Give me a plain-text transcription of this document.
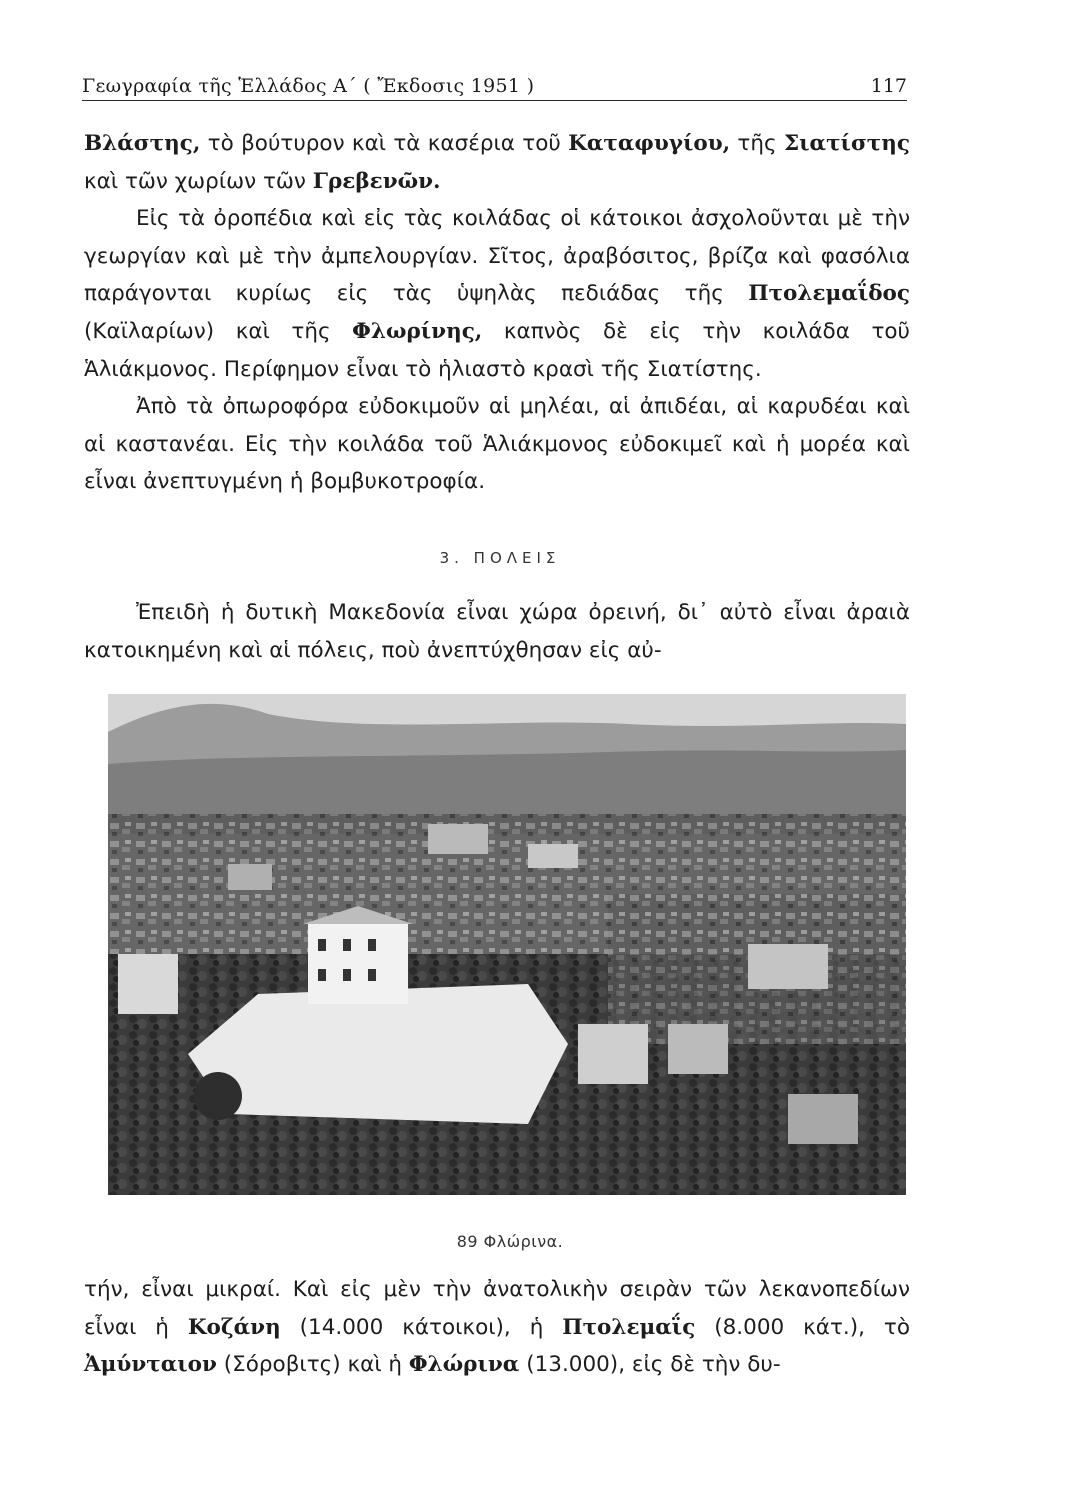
Γεωγραφία τῆς Ἑλλάδος Α΄ ( Ἔκδοσις 1951 )	117

Βλάστης, τὸ βούτυρον καὶ τὰ κασέρια τοῦ Καταφυγίου, τῆς Σιατίστης καὶ τῶν χωρίων τῶν Γρεβενῶν.

Εἰς τὰ ὀροπέδια καὶ εἰς τὰς κοιλάδας οἱ κάτοικοι ἀσχολοῦνται μὲ τὴν γεωργίαν καὶ μὲ τὴν ἀμπελουργίαν. Σῖτος, ἀραβόσιτος, βρίζα καὶ φασόλια παράγονται κυρίως εἰς τὰς ὑψηλὰς πεδιάδας τῆς Πτολεμαΐδος (Καϊλαρίων) καὶ τῆς Φλωρίνης, καπνὸς δὲ εἰς τὴν κοιλάδα τοῦ Ἁλιάκμονος. Περίφημον εἶναι τὸ ἡλιαστὸ κρασὶ τῆς Σιατίστης.

Ἀπὸ τὰ ὀπωροφόρα εὐδοκιμοῦν αἱ μηλέαι, αἱ ἀπιδέαι, αἱ καρυδέαι καὶ αἱ καστανέαι. Εἰς τὴν κοιλάδα τοῦ Ἁλιάκμονος εὐδοκιμεῖ καὶ ἡ μορέα καὶ εἶναι ἀνεπτυγμένη ἡ βομβυκοτροφία.

3. ΠΟΛΕΙΣ

Ἐπειδὴ ἡ δυτικὴ Μακεδονία εἶναι χώρα ὀρεινή, δι᾽ αὐτὸ εἶναι ἀραιὰ κατοικημένη καὶ αἱ πόλεις, ποὺ ἀνεπτύχθησαν εἰς αὐ-

89 Φλώρινα.

τήν, εἶναι μικραί. Καὶ εἰς μὲν τὴν ἀνατολικὴν σειρὰν τῶν λεκανοπεδίων εἶναι ἡ Κοζάνη (14.000 κάτοικοι), ἡ Πτολεμαΐς (8.000 κάτ.), τὸ Ἀμύνταιον (Σόροβιτς) καὶ ἡ Φλώρινα (13.000), εἰς δὲ τὴν δυ-
